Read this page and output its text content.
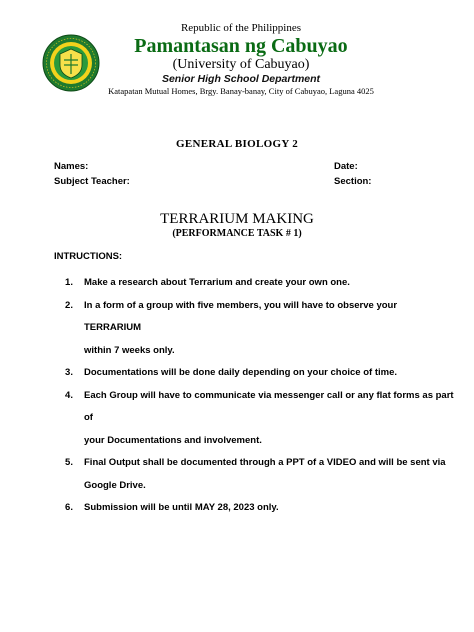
Republic of the Philippines
Pamantasan ng Cabuyao
(University of Cabuyao)
Senior High School Department
Katapatan Mutual Homes, Brgy. Banay-banay, City of Cabuyao, Laguna 4025
GENERAL BIOLOGY 2
Names:	Date:
Subject Teacher:	Section:
TERRARIUM MAKING
(PERFORMANCE TASK # 1)
INTRUCTIONS:
1.	Make a research about Terrarium and create your own one.
2.	In a form of a group with five members, you will have to observe your TERRARIUM
within 7 weeks only.
3.	Documentations will be done daily depending on your choice of time.
4.	Each Group will have to communicate via messenger call or any flat forms as part of
your Documentations and involvement.
5.	Final Output shall be documented through a PPT of a VIDEO and will be sent via
Google Drive.
6.	Submission will be until MAY 28, 2023 only.
